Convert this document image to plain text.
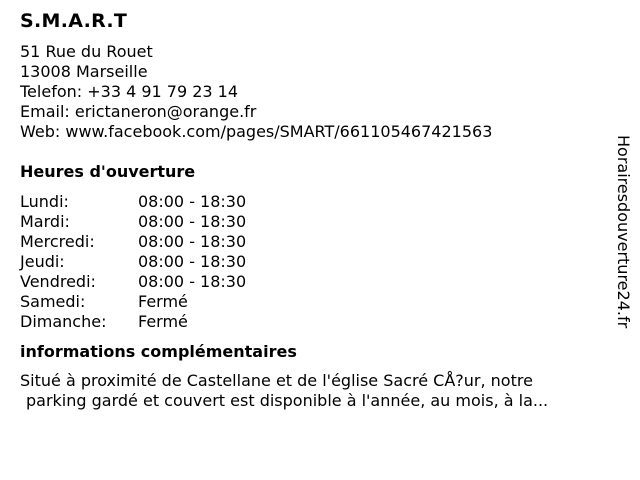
S.M.A.R.T
51 Rue du Rouet
13008 Marseille
Telefon: +33 4 91 79 23 14
Email: erictaneron@orange.fr
Web: www.facebook.com/pages/SMART/661105467421563
Heures d'ouverture
Lundi:	08:00 - 18:30
Mardi:	08:00 - 18:30
Mercredi:	08:00 - 18:30
Jeudi:	08:00 - 18:30
Vendredi:	08:00 - 18:30
Samedi:	Fermé
Dimanche:	Fermé
informations complémentaires
Situé à proximité de Castellane et de l'église Sacré CÅ?ur, notre
parking gardé et couvert est disponible à l'année, au mois, à la...
Horairesdouverture24.fr
